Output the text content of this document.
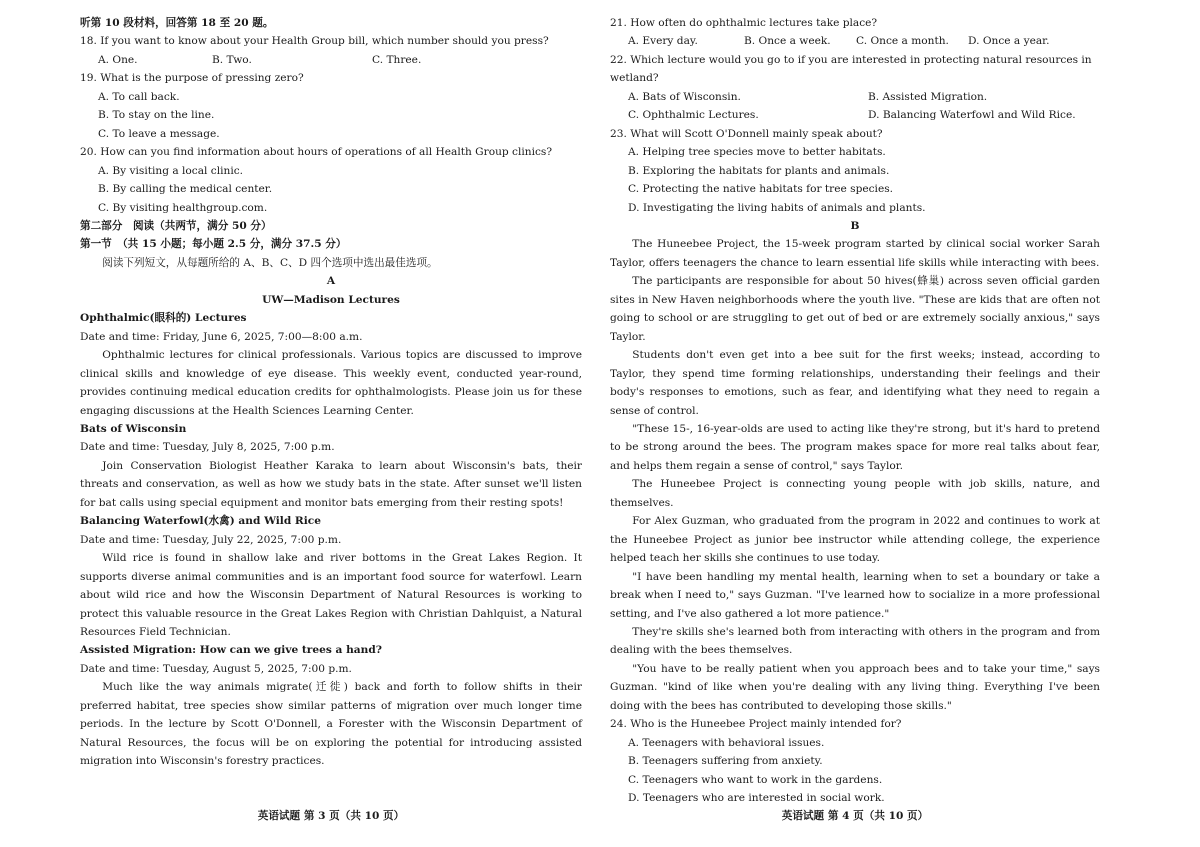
听第 10 段材料，回答第 18 至 20 题。

18. If you want to know about your Health Group bill, which number should you press?

A. One.	B. Two.	C. Three.

19. What is the purpose of pressing zero?

A. To call back.

B. To stay on the line.

C. To leave a message.

20. How can you find information about hours of operations of all Health Group clinics?

A. By visiting a local clinic.

B. By calling the medical center.

C. By visiting healthgroup.com.

第二部分　阅读（共两节，满分 50 分）

第一节　（共 15 小题；每小题 2.5 分，满分 37.5 分）

阅读下列短文，从每题所给的 A、B、C、D 四个选项中选出最佳选项。

A

UW—Madison Lectures

Ophthalmic(眼科的) Lectures

Date and time: Friday, June 6, 2025, 7:00—8:00 a.m.

Ophthalmic lectures for clinical professionals. Various topics are discussed to improve clinical skills and knowledge of eye disease. This weekly event, conducted year-round, provides continuing medical education credits for ophthalmologists. Please join us for these engaging discussions at the Health Sciences Learning Center.

Bats of Wisconsin

Date and time: Tuesday, July 8, 2025, 7:00 p.m.

Join Conservation Biologist Heather Karaka to learn about Wisconsin's bats, their threats and conservation, as well as how we study bats in the state. After sunset we'll listen for bat calls using special equipment and monitor bats emerging from their resting spots!

Balancing Waterfowl(水禽) and Wild Rice

Date and time: Tuesday, July 22, 2025, 7:00 p.m.

Wild rice is found in shallow lake and river bottoms in the Great Lakes Region. It supports diverse animal communities and is an important food source for waterfowl. Learn about wild rice and how the Wisconsin Department of Natural Resources is working to protect this valuable resource in the Great Lakes Region with Christian Dahlquist, a Natural Resources Field Technician.

Assisted Migration: How can we give trees a hand?

Date and time: Tuesday, August 5, 2025, 7:00 p.m.

Much like the way animals migrate(迁徙) back and forth to follow shifts in their preferred habitat, tree species show similar patterns of migration over much longer time periods. In the lecture by Scott O'Donnell, a Forester with the Wisconsin Department of Natural Resources, the focus will be on exploring the potential for introducing assisted migration into Wisconsin's forestry practices.

英语试题 第 3 页（共 10 页）

21. How often do ophthalmic lectures take place?

A. Every day.	B. Once a week.	C. Once a month.	D. Once a year.

22. Which lecture would you go to if you are interested in protecting natural resources in wetland?

A. Bats of Wisconsin.	B. Assisted Migration.
C. Ophthalmic Lectures.	D. Balancing Waterfowl and Wild Rice.

23. What will Scott O'Donnell mainly speak about?

A. Helping tree species move to better habitats.

B. Exploring the habitats for plants and animals.

C. Protecting the native habitats for tree species.

D. Investigating the living habits of animals and plants.

B

The Huneebee Project, the 15-week program started by clinical social worker Sarah Taylor, offers teenagers the chance to learn essential life skills while interacting with bees.

The participants are responsible for about 50 hives(蜂巢) across seven official garden sites in New Haven neighborhoods where the youth live. "These are kids that are often not going to school or are struggling to get out of bed or are extremely socially anxious," says Taylor.

Students don't even get into a bee suit for the first weeks; instead, according to Taylor, they spend time forming relationships, understanding their feelings and their body's responses to emotions, such as fear, and identifying what they need to regain a sense of control.

"These 15-, 16-year-olds are used to acting like they're strong, but it's hard to pretend to be strong around the bees. The program makes space for more real talks about fear, and helps them regain a sense of control," says Taylor.

The Huneebee Project is connecting young people with job skills, nature, and themselves.

For Alex Guzman, who graduated from the program in 2022 and continues to work at the Huneebee Project as junior bee instructor while attending college, the experience helped teach her skills she continues to use today.

"I have been handling my mental health, learning when to set a boundary or take a break when I need to," says Guzman. "I've learned how to socialize in a more professional setting, and I've also gathered a lot more patience."

They're skills she's learned both from interacting with others in the program and from dealing with the bees themselves.

"You have to be really patient when you approach bees and to take your time," says Guzman. "kind of like when you're dealing with any living thing. Everything I've been doing with the bees has contributed to developing those skills."

24. Who is the Huneebee Project mainly intended for?

A. Teenagers with behavioral issues.

B. Teenagers suffering from anxiety.

C. Teenagers who want to work in the gardens.

D. Teenagers who are interested in social work.

英语试题 第 4 页（共 10 页）
